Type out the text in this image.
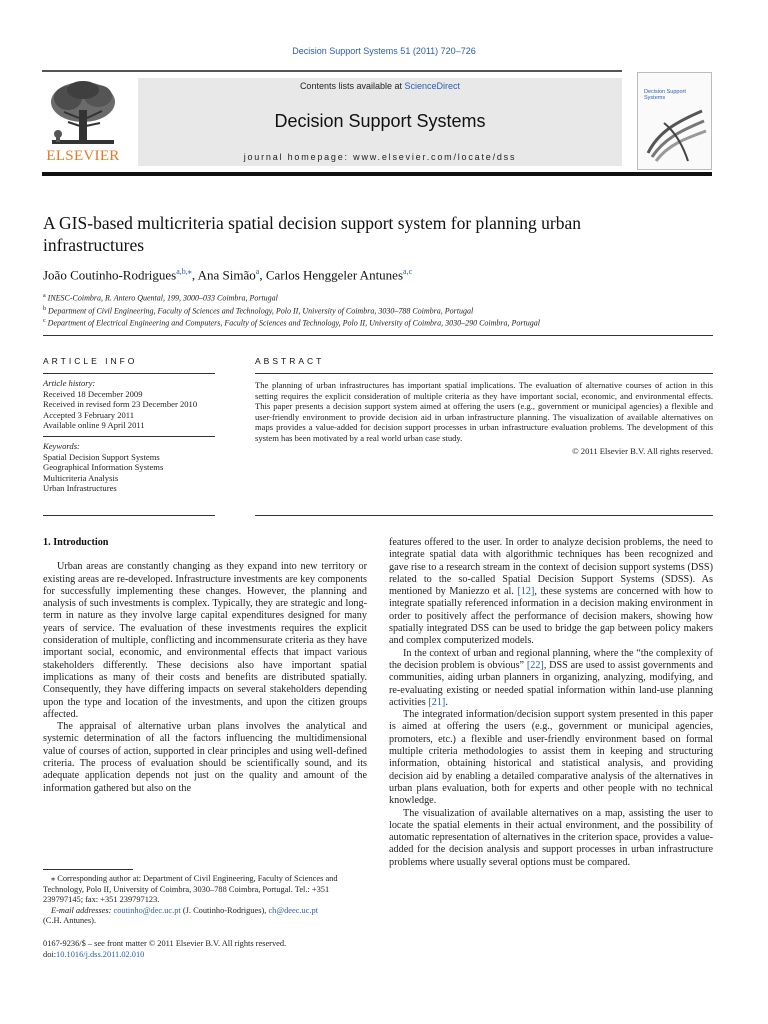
Decision Support Systems 51 (2011) 720–726
ELSEVIER
Contents lists available at ScienceDirect
Decision Support Systems
journal homepage: www.elsevier.com/locate/dss
Decision Support Systems
A GIS-based multicriteria spatial decision support system for planning urban infrastructures
João Coutinho-Rodrigues$^{a,b,⁎}$, Ana Simão$^a$, Carlos Henggeler Antunes$^{a,c}$
$^a$ INESC-Coimbra, R. Antero Quental, 199, 3000–033 Coimbra, Portugal
$^b$ Department of Civil Engineering, Faculty of Sciences and Technology, Polo II, University of Coimbra, 3030–788 Coimbra, Portugal
$^c$ Department of Electrical Engineering and Computers, Faculty of Sciences and Technology, Polo II, University of Coimbra, 3030–290 Coimbra, Portugal
ARTICLE INFO	ABSTRACT
Article history:
Received 18 December 2009
Received in revised form 23 December 2010
Accepted 3 February 2011
Available online 9 April 2011
Keywords:
Spatial Decision Support Systems
Geographical Information Systems
Multicriteria Analysis
Urban Infrastructures
The planning of urban infrastructures has important spatial implications. The evaluation of alternative courses of action in this setting requires the explicit consideration of multiple criteria as they have important social, economic, and environmental effects. This paper presents a decision support system aimed at offering the users (e.g., government or municipal agencies) a flexible and user-friendly environment to provide decision aid in urban infrastructure planning. The visualization of available alternatives on maps provides a value-added for decision support processes in urban infrastructure evaluation problems. The development of this system has been motivated by a real world urban case study.
© 2011 Elsevier B.V. All rights reserved.
1. Introduction

Urban areas are constantly changing as they expand into new territory or existing areas are re-developed. Infrastructure investments are key components for successfully implementing these changes. However, the planning and analysis of such investments is complex. Typically, they are strategic and long-term in nature as they involve large capital expenditures designed for many years of service. The evaluation of these investments requires the explicit consideration of multiple, conflicting and incommensurate criteria as they have important social, economic, and environmental effects that impact various stakeholders differently. These decisions also have important spatial implications as many of their costs and benefits are distributed spatially. Consequently, they have differing impacts on several stakeholders depending upon the type and location of the investments, and upon the citizen groups affected.

The appraisal of alternative urban plans involves the analytical and systemic determination of all the factors influencing the multidimensional value of courses of action, supported in clear principles and using well-defined criteria. The process of evaluation should be scientifically sound, and its adequate application depends not just on the quality and amount of the information gathered but also on the

features offered to the user. In order to analyze decision problems, the need to integrate spatial data with algorithmic techniques has been recognized and gave rise to a research stream in the context of decision support systems (DSS) related to the so-called Spatial Decision Support Systems (SDSS). As mentioned by Maniezzo et al. [12], these systems are concerned with how to integrate spatially referenced information in a decision making environment in order to positively affect the performance of decision makers, showing how spatially integrated DSS can be used to bridge the gap between policy makers and complex computerized models.

In the context of urban and regional planning, where the “the complexity of the decision problem is obvious” [22], DSS are used to assist governments and communities, aiding urban planners in organizing, analyzing, modifying, and re-evaluating existing or needed spatial information within land-use planning activities [21].

The integrated information/decision support system presented in this paper is aimed at offering the users (e.g., government or municipal agencies, promoters, etc.) a flexible and user-friendly environment based on formal multiple criteria methodologies to assist them in keeping and structuring information, obtaining historical and statistical analysis, and providing decision aid by enabling a detailed comparative analysis of the alternatives in urban plans evaluation, both for experts and other people with no technical knowledge.

The visualization of available alternatives on a map, assisting the user to locate the spatial elements in their actual environment, and the possibility of automatic representation of alternatives in the criterion space, provides a value-added for the decision analysis and support processes in urban infrastructure problems where usually several options must be compared.

⁎ Corresponding author at: Department of Civil Engineering, Faculty of Sciences and Technology, Polo II, University of Coimbra, 3030–788 Coimbra, Portugal. Tel.: +351 239797145; fax: +351 239797123.

E-mail addresses: coutinho@dec.uc.pt (J. Coutinho-Rodrigues), ch@deec.uc.pt

(C.H. Antunes).
0167-9236/$ – see front matter © 2011 Elsevier B.V. All rights reserved.
doi:10.1016/j.dss.2011.02.010
